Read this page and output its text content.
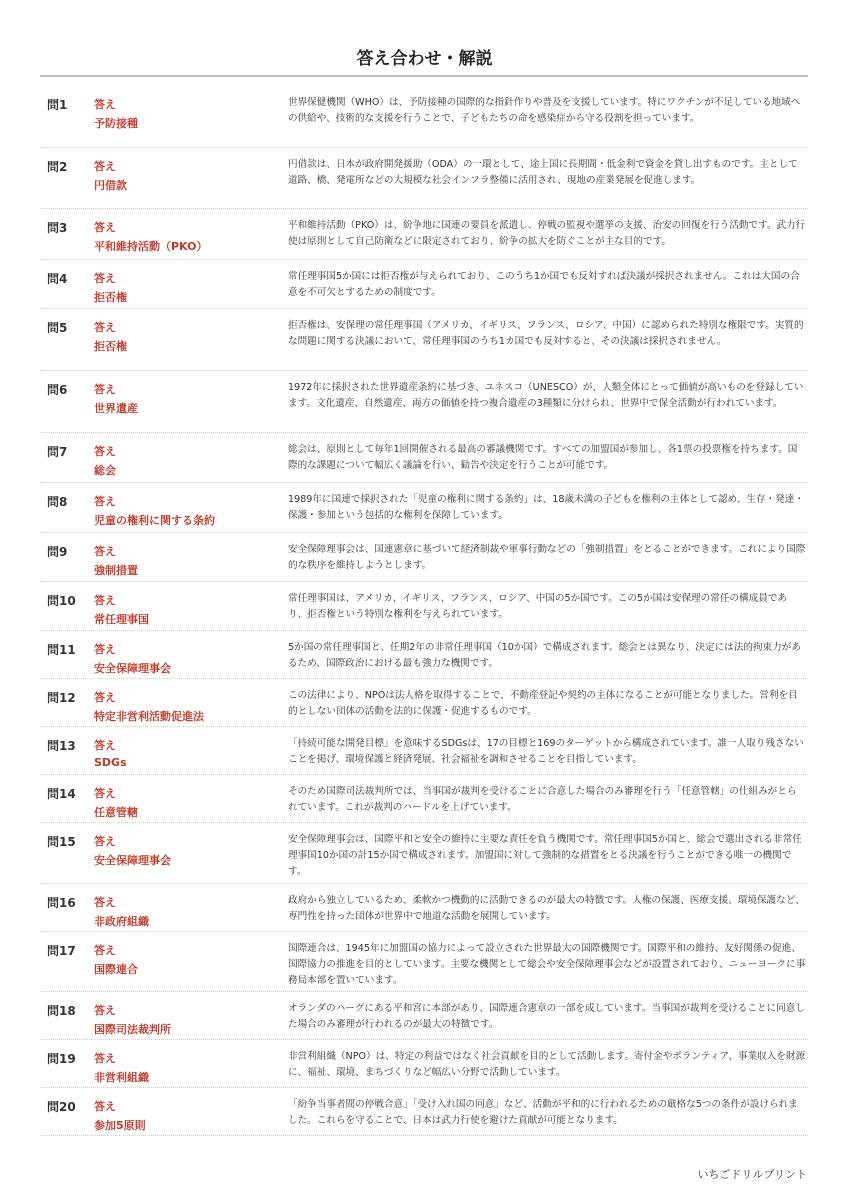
答え合わせ・解説
問1 答え
予防接種

世界保健機関（WHO）は、予防接種の国際的な指針作りや普及を支援しています。特にワクチンが不足している地域への供給や、技術的な支援を行うことで、子どもたちの命を感染症から守る役割を担っています。

問2 答え
円借款

円借款は、日本が政府開発援助（ODA）の一環として、途上国に長期間・低金利で資金を貸し出すものです。主として道路、橋、発電所などの大規模な社会インフラ整備に活用され、現地の産業発展を促進します。

問3 答え
平和維持活動（PKO）

平和維持活動（PKO）は、紛争地に国連の要員を派遣し、停戦の監視や選挙の支援、治安の回復を行う活動です。武力行使は原則として自己防衛などに限定されており、紛争の拡大を防ぐことが主な目的です。

問4 答え
拒否権

常任理事国5か国には拒否権が与えられており、このうち1か国でも反対すれば決議が採択されません。これは大国の合意を不可欠とするための制度です。

問5 答え
拒否権

拒否権は、安保理の常任理事国（アメリカ、イギリス、フランス、ロシア、中国）に認められた特別な権限です。実質的な問題に関する決議において、常任理事国のうち1カ国でも反対すると、その決議は採択されません。

問6 答え
世界遺産

1972年に採択された世界遺産条約に基づき、ユネスコ（UNESCO）が、人類全体にとって価値が高いものを登録しています。文化遺産、自然遺産、両方の価値を持つ複合遺産の3種類に分けられ、世界中で保全活動が行われています。

問7 答え
総会

総会は、原則として毎年1回開催される最高の審議機関です。すべての加盟国が参加し、各1票の投票権を持ちます。国際的な課題について幅広く議論を行い、勧告や決定を行うことが可能です。

問8 答え
児童の権利に関する条約

1989年に国連で採択された「児童の権利に関する条約」は、18歳未満の子どもを権利の主体として認め、生存・発達・保護・参加という包括的な権利を保障しています。

問9 答え
強制措置

安全保障理事会は、国連憲章に基づいて経済制裁や軍事行動などの「強制措置」をとることができます。これにより国際的な秩序を維持しようとします。

問10 答え
常任理事国

常任理事国は、アメリカ、イギリス、フランス、ロシア、中国の5か国です。この5か国は安保理の常任の構成員であり、拒否権という特別な権利を与えられています。

問11 答え
安全保障理事会

5か国の常任理事国と、任期2年の非常任理事国（10か国）で構成されます。総会とは異なり、決定には法的拘束力があるため、国際政治における最も強力な機関です。

問12 答え
特定非営利活動促進法

この法律により、NPOは法人格を取得することで、不動産登記や契約の主体になることが可能となりました。営利を目的としない団体の活動を法的に保護・促進するものです。

問13 答え
SDGs

「持続可能な開発目標」を意味するSDGsは、17の目標と169のターゲットから構成されています。誰一人取り残さないことを掲げ、環境保護と経済発展、社会福祉を調和させることを目指しています。

問14 答え
任意管轄

そのため国際司法裁判所では、当事国が裁判を受けることに合意した場合のみ審理を行う「任意管轄」の仕組みがとられています。これが裁判のハードルを上げています。

問15 答え
安全保障理事会

安全保障理事会は、国際平和と安全の維持に主要な責任を負う機関です。常任理事国5か国と、総会で選出される非常任理事国10か国の計15か国で構成されます。加盟国に対して強制的な措置をとる決議を行うことができる唯一の機関です。

問16 答え
非政府組織

政府から独立しているため、柔軟かつ機動的に活動できるのが最大の特徴です。人権の保護、医療支援、環境保護など、専門性を持った団体が世界中で地道な活動を展開しています。

問17 答え
国際連合

国際連合は、1945年に加盟国の協力によって設立された世界最大の国際機関です。国際平和の維持、友好関係の促進、国際協力の推進を目的としています。主要な機関として総会や安全保障理事会などが設置されており、ニューヨークに事務局本部を置いています。

問18 答え
国際司法裁判所

オランダのハーグにある平和宮に本部があり、国際連合憲章の一部を成しています。当事国が裁判を受けることに同意した場合のみ審理が行われるのが最大の特徴です。

問19 答え
非営利組織

非営利組織（NPO）は、特定の利益ではなく社会貢献を目的として活動します。寄付金やボランティア、事業収入を財源に、福祉、環境、まちづくりなど幅広い分野で活動しています。

問20 答え
参加5原則

「紛争当事者間の停戦合意」「受け入れ国の同意」など、活動が平和的に行われるための厳格な5つの条件が設けられました。これらを守ることで、日本は武力行使を避けた貢献が可能となります。

いちごドリルプリント
